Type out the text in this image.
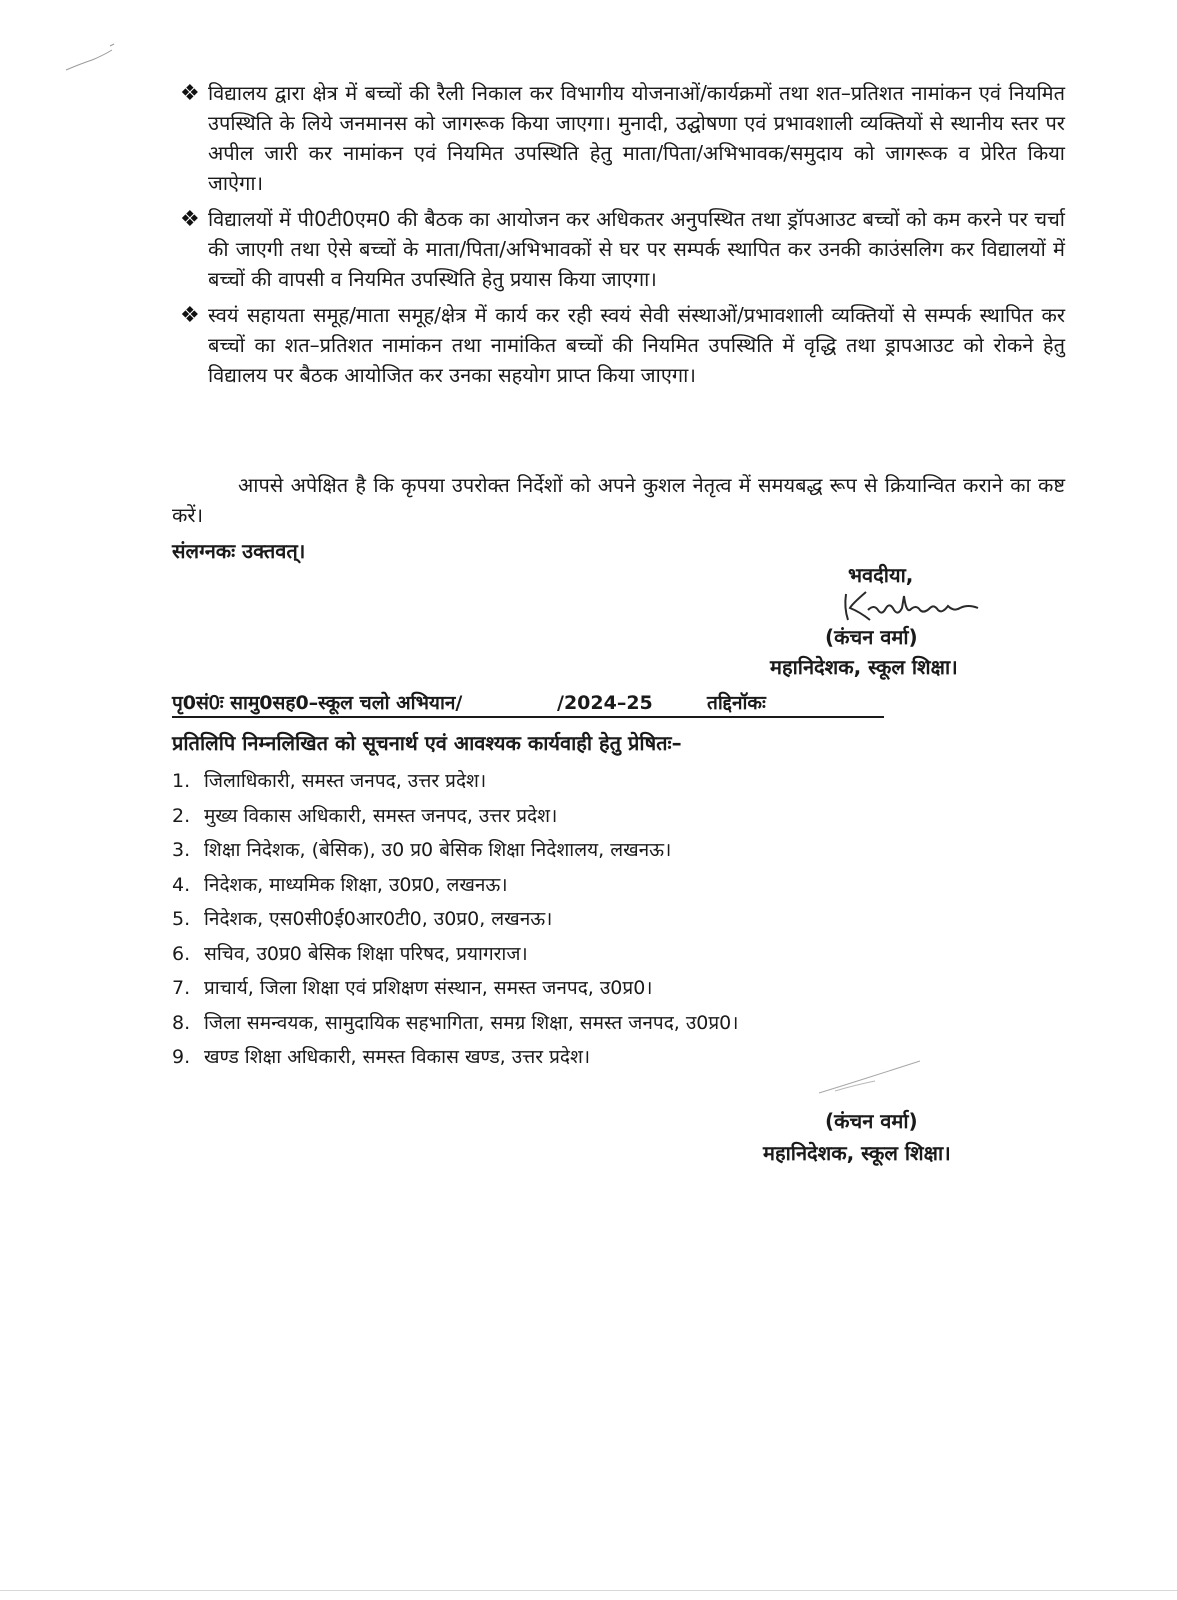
❖ विद्यालय द्वारा क्षेत्र में बच्चों की रैली निकाल कर विभागीय योजनाओं/कार्यक्रमों तथा शत–प्रतिशत नामांकन एवं नियमित उपस्थिति के लिये जनमानस को जागरूक किया जाएगा। मुनादी, उद्घोषणा एवं प्रभावशाली व्यक्तियों से स्थानीय स्तर पर अपील जारी कर नामांकन एवं नियमित उपस्थिति हेतु माता/पिता/अभिभावक/समुदाय को जागरूक व प्रेरित किया जाऐगा।
❖ विद्यालयों में पी0टी0एम0 की बैठक का आयोजन कर अधिकतर अनुपस्थित तथा ड्रॉपआउट बच्चों को कम करने पर चर्चा की जाएगी तथा ऐसे बच्चों के माता/पिता/अभिभावकों से घर पर सम्पर्क स्थापित कर उनकी काउंसलिग कर विद्यालयों में बच्चों की वापसी व नियमित उपस्थिति हेतु प्रयास किया जाएगा।
❖ स्वयं सहायता समूह/माता समूह/क्षेत्र में कार्य कर रही स्वयं सेवी संस्थाओं/प्रभावशाली व्यक्तियों से सम्पर्क स्थापित कर बच्चों का शत–प्रतिशत नामांकन तथा नामांकित बच्चों की नियमित उपस्थिति में वृद्धि तथा ड्रापआउट को रोकने हेतु विद्यालय पर बैठक आयोजित कर उनका सहयोग प्राप्त किया जाएगा।
आपसे अपेक्षित है कि कृपया उपरोक्त निर्देशों को अपने कुशल नेतृत्व में समयबद्ध रूप से क्रियान्वित कराने का कष्ट करें।
संलग्नकः उक्तवत्।
भवदीया,
(कंचन वर्मा)
महानिदेशक, स्कूल शिक्षा।
पृ0सं0ः सामु0सह0–स्कूल चलो अभियान/	/2024–25	तद्दिनॉकः
प्रतिलिपि निम्नलिखित को सूचनार्थ एवं आवश्यक कार्यवाही हेतु प्रेषितः–
1. जिलाधिकारी, समस्त जनपद, उत्तर प्रदेश।
2. मुख्य विकास अधिकारी, समस्त जनपद, उत्तर प्रदेश।
3. शिक्षा निदेशक, (बेसिक), उ0 प्र0 बेसिक शिक्षा निदेशालय, लखनऊ।
4. निदेशक, माध्यमिक शिक्षा, उ0प्र0, लखनऊ।
5. निदेशक, एस0सी0ई0आर0टी0, उ0प्र0, लखनऊ।
6. सचिव, उ0प्र0 बेसिक शिक्षा परिषद, प्रयागराज।
7. प्राचार्य, जिला शिक्षा एवं प्रशिक्षण संस्थान, समस्त जनपद, उ0प्र0।
8. जिला समन्वयक, सामुदायिक सहभागिता, समग्र शिक्षा, समस्त जनपद, उ0प्र0।
9. खण्ड शिक्षा अधिकारी, समस्त विकास खण्ड, उत्तर प्रदेश।
(कंचन वर्मा)
महानिदेशक, स्कूल शिक्षा।
